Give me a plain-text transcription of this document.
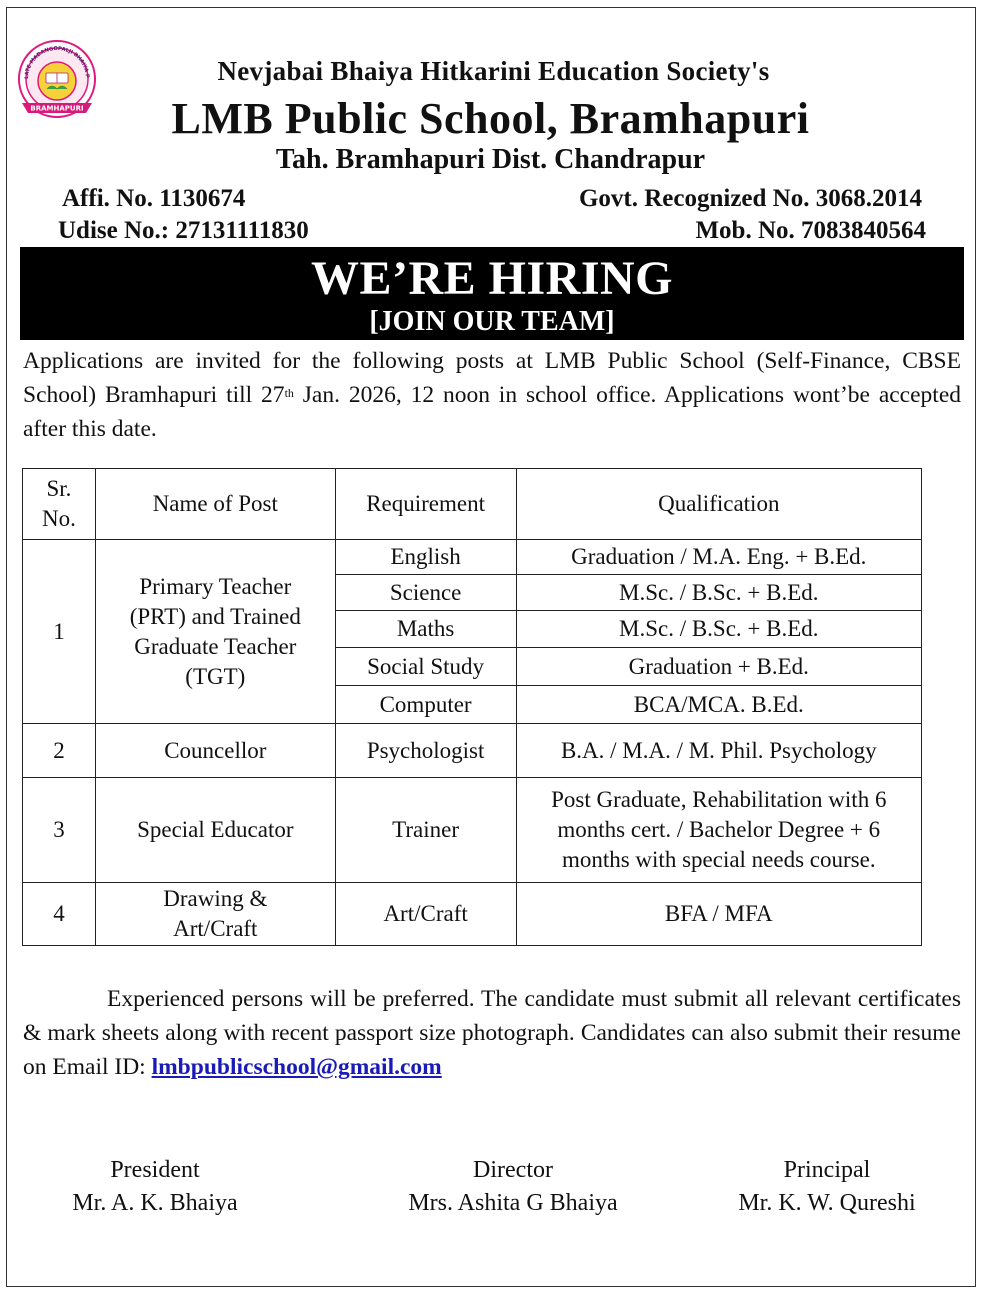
LATE MADANGOPALJI BHAIYA P
BRAMHAPURI
Nevjabai Bhaiya Hitkarini Education Society's
LMB Public School, Bramhapuri
Tah. Bramhapuri Dist. Chandrapur
Affi. No. 1130674	Govt. Recognized No. 3068.2014
Udise No.: 27131111830	Mob. No. 7083840564
WE’RE HIRING
[JOIN OUR TEAM]
Applications are invited for the following posts at LMB Public School (Self-Finance, CBSE School) Bramhapuri till 27th Jan. 2026, 12 noon in school office. Applications wont’be accepted after this date.
Sr.
No.	Name of Post	Requirement	Qualification
1	Primary Teacher
(PRT) and Trained
Graduate Teacher
(TGT)	English	Graduation / M.A. Eng. + B.Ed.
		Science	M.Sc. / B.Sc. + B.Ed.
		Maths	M.Sc. / B.Sc. + B.Ed.
		Social Study	Graduation + B.Ed.
		Computer	BCA/MCA. B.Ed.
2	Councellor	Psychologist	B.A. / M.A. / M. Phil. Psychology
3	Special Educator	Trainer	Post Graduate, Rehabilitation with 6
months cert. / Bachelor Degree + 6
months with special needs course.
4	Drawing &
Art/Craft	Art/Craft	BFA / MFA
Experienced persons will be preferred. The candidate must submit all relevant certificates & mark sheets along with recent passport size photograph. Candidates can also submit their resume on Email ID: lmbpublicschool@gmail.com
President
Mr. A. K. Bhaiya
Director
Mrs. Ashita G Bhaiya
Principal
Mr. K. W. Qureshi
